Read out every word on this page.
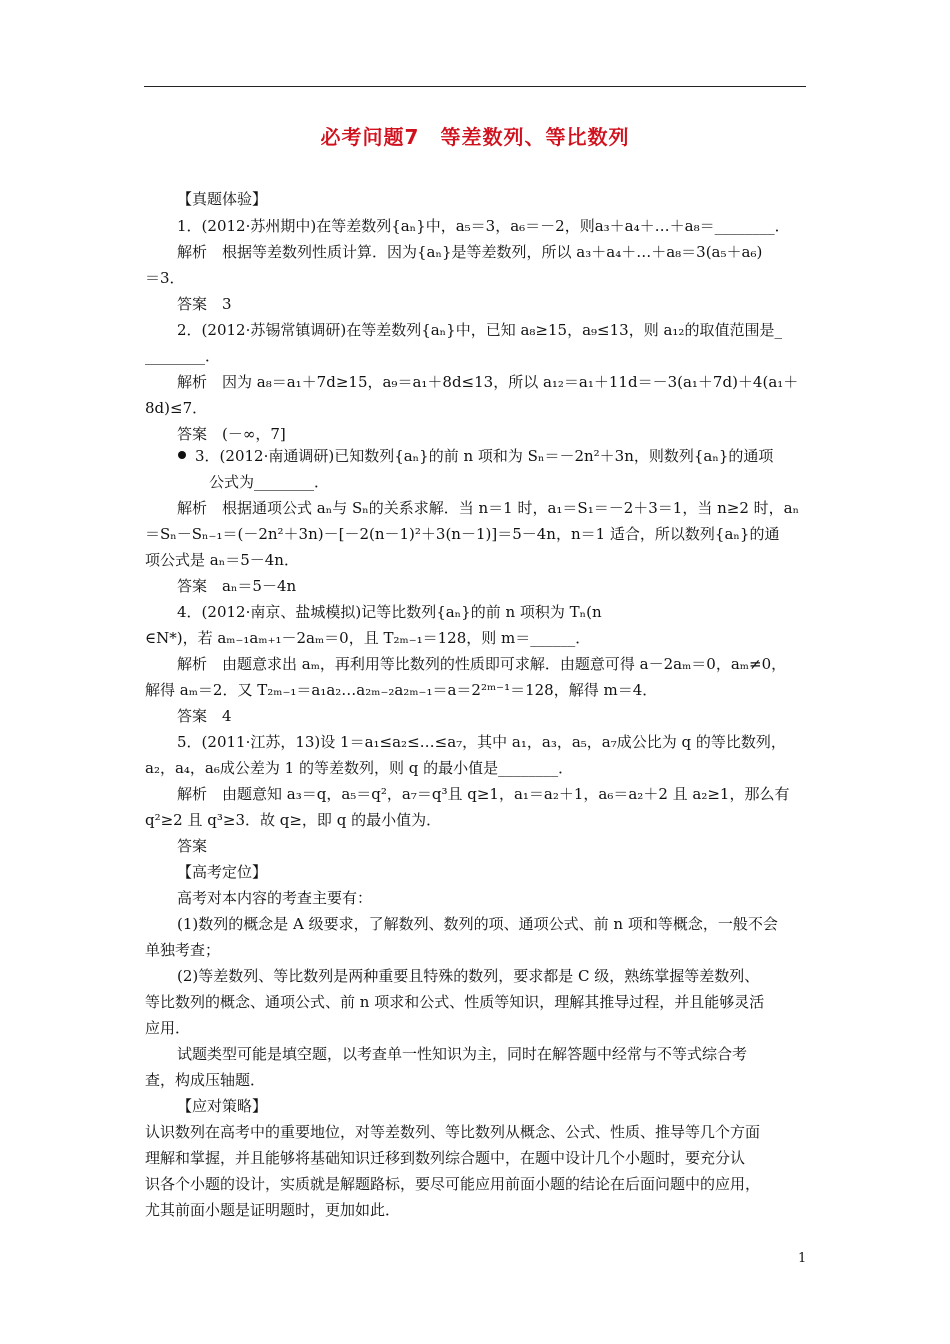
必考问题7　等差数列、等比数列
【真题体验】
1．(2012·苏州期中)在等差数列{aₙ}中，a₅＝3，a₆＝－2，则a₃＋a₄＋…＋a₈＝________．
解析　根据等差数列性质计算．因为{aₙ}是等差数列，所以 a₃＋a₄＋…＋a₈＝3(a₅＋a₆)
＝3．
答案　3
2．(2012·苏锡常镇调研)在等差数列{aₙ}中，已知 a₈≥15，a₉≤13，则 a₁₂的取值范围是_
________．
解析　因为 a₈＝a₁＋7d≥15，a₉＝a₁＋8d≤13，所以 a₁₂＝a₁＋11d＝－3(a₁＋7d)＋4(a₁＋
8d)≤7．
答案　(－∞，7]
3．(2012·南通调研)已知数列{aₙ}的前 n 项和为 Sₙ＝－2n²＋3n，则数列{aₙ}的通项
公式为________．
解析　根据通项公式 aₙ与 Sₙ的关系求解．当 n＝1 时，a₁＝S₁＝－2＋3＝1，当 n≥2 时，aₙ
＝Sₙ－Sₙ₋₁＝(－2n²＋3n)－[－2(n－1)²＋3(n－1)]＝5－4n，n＝1 适合，所以数列{aₙ}的通
项公式是 aₙ＝5－4n．
答案　aₙ＝5－4n
4．(2012·南京、盐城模拟)记等比数列{aₙ}的前 n 项积为 Tₙ(n
∈N*)，若 aₘ₋₁aₘ₊₁－2aₘ＝0，且 T₂ₘ₋₁＝128，则 m＝______．
解析　由题意求出 aₘ，再利用等比数列的性质即可求解．由题意可得 a－2aₘ＝0，aₘ≠0，
解得 aₘ＝2．又 T₂ₘ₋₁＝a₁a₂…a₂ₘ₋₂a₂ₘ₋₁＝a＝2²ᵐ⁻¹＝128，解得 m＝4．
答案　4
5．(2011·江苏，13)设 1＝a₁≤a₂≤…≤a₇，其中 a₁，a₃，a₅，a₇成公比为 q 的等比数列，
a₂，a₄，a₆成公差为 1 的等差数列，则 q 的最小值是________．
解析　由题意知 a₃＝q，a₅＝q²，a₇＝q³且 q≥1，a₁＝a₂＋1，a₆＝a₂＋2 且 a₂≥1，那么有
q²≥2 且 q³≥3．故 q≥，即 q 的最小值为．
答案
【高考定位】
高考对本内容的考查主要有：
(1)数列的概念是 A 级要求，了解数列、数列的项、通项公式、前 n 项和等概念，一般不会
单独考查；
(2)等差数列、等比数列是两种重要且特殊的数列，要求都是 C 级，熟练掌握等差数列、
等比数列的概念、通项公式、前 n 项求和公式、性质等知识，理解其推导过程，并且能够灵活
应用．
试题类型可能是填空题，以考查单一性知识为主，同时在解答题中经常与不等式综合考
查，构成压轴题．
【应对策略】
认识数列在高考中的重要地位，对等差数列、等比数列从概念、公式、性质、推导等几个方面
理解和掌握，并且能够将基础知识迁移到数列综合题中，在题中设计几个小题时，要充分认
识各个小题的设计，实质就是解题路标，要尽可能应用前面小题的结论在后面问题中的应用，
尤其前面小题是证明题时，更加如此．
1
